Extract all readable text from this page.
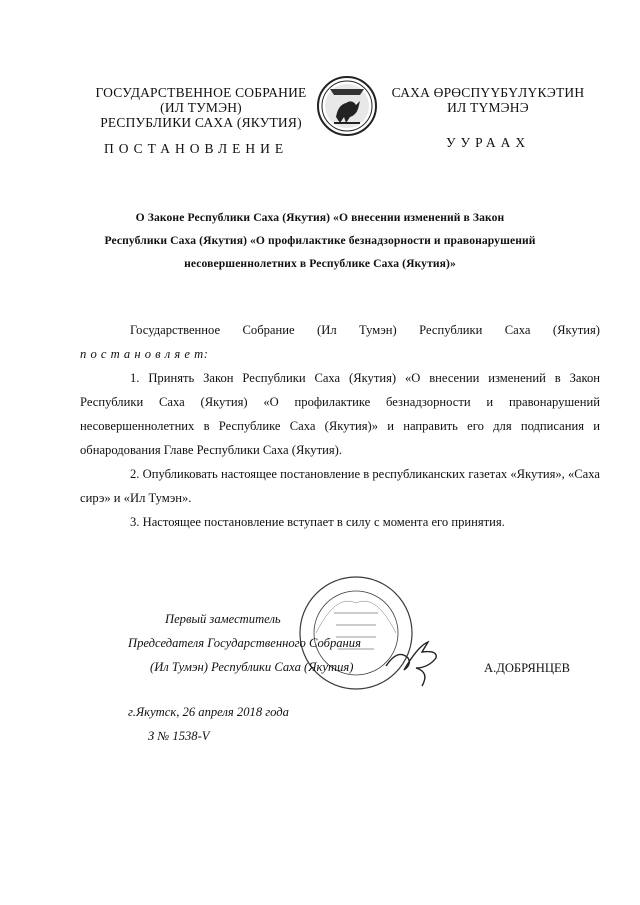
ГОСУДАРСТВЕННОЕ СОБРАНИЕ
(ИЛ ТУМЭН)
РЕСПУБЛИКИ САХА (ЯКУТИЯ)
ПОСТАНОВЛЕНИЕ
САХА ӨРӨСПҮҮБҮЛҮКЭТИН
ИЛ ТҮМЭНЭ
УУРААХ
О Законе Республики Саха (Якутия) «О внесении изменений в Закон
Республики Саха (Якутия) «О профилактике безнадзорности и правонарушений
несовершеннолетних в Республике Саха (Якутия)»
Государственное Собрание (Ил Тумэн) Республики Саха (Якутия)
п о с т а н о в л я е т:
1. Принять Закон Республики Саха (Якутия) «О внесении изменений в Закон Республики Саха (Якутия) «О профилактике безнадзорности и правонарушений несовершеннолетних в Республике Саха (Якутия)» и направить его для подписания и обнародования Главе Республики Саха (Якутия).
2. Опубликовать настоящее постановление в республиканских газетах «Якутия», «Саха сирэ» и «Ил Тумэн».
3. Настоящее постановление вступает в силу с момента его принятия.
Первый заместитель
Председателя Государственного Собрания
(Ил Тумэн) Республики Саха (Якутия)	А.ДОБРЯНЦЕВ
г.Якутск, 26 апреля 2018 года
З № 1538-V
